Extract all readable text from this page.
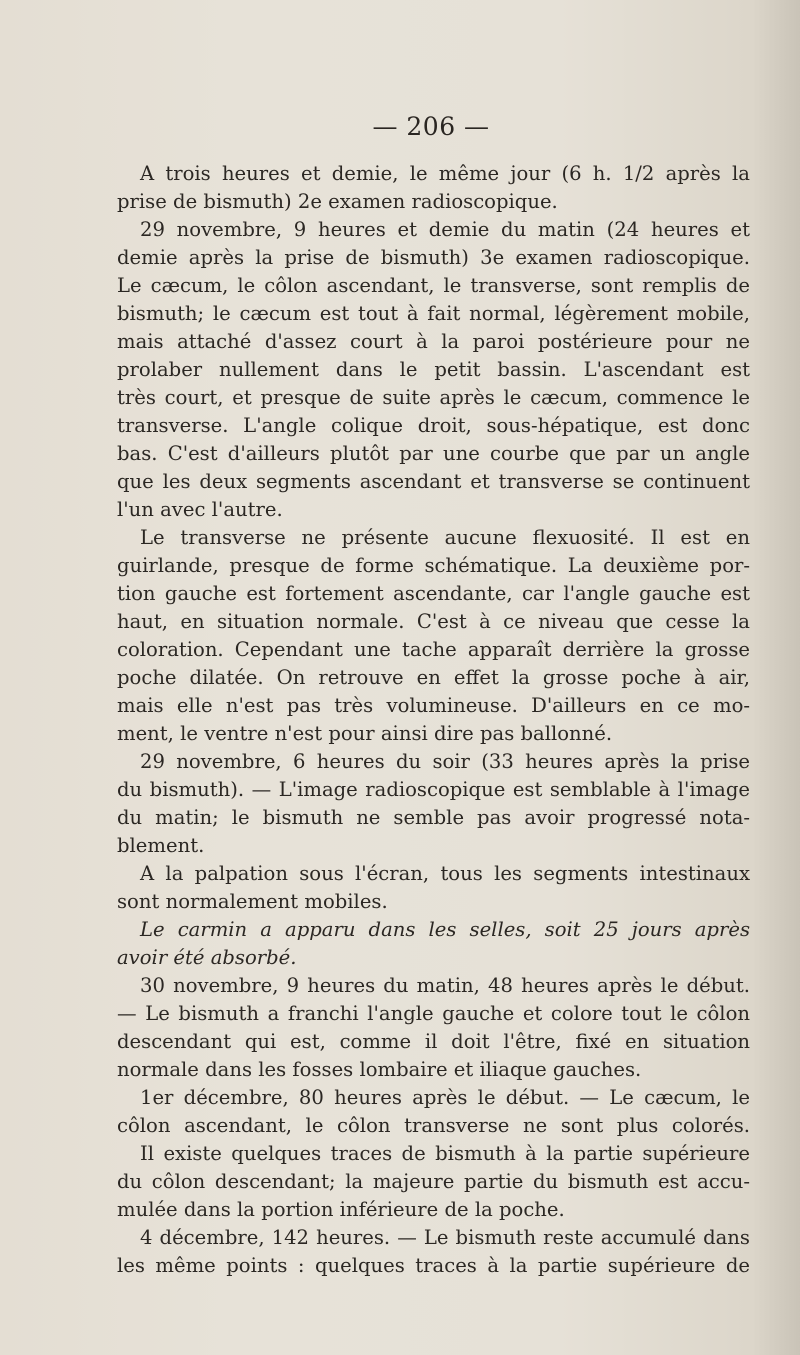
— 206 —
A trois heures et demie, le même jour (6 h. 1/2 après la
prise de bismuth) 2e examen radioscopique.
29 novembre, 9 heures et demie du matin (24 heures et
demie après la prise de bismuth) 3e examen radioscopique.
Le cæcum, le côlon ascendant, le transverse, sont remplis de
bismuth; le cæcum est tout à fait normal, légèrement mobile,
mais attaché d'assez court à la paroi postérieure pour ne
prolaber nullement dans le petit bassin. L'ascendant est
très court, et presque de suite après le cæcum, commence le
transverse. L'angle colique droit, sous-hépatique, est donc
bas. C'est d'ailleurs plutôt par une courbe que par un angle
que les deux segments ascendant et transverse se continuent
l'un avec l'autre.
Le transverse ne présente aucune flexuosité. Il est en
guirlande, presque de forme schématique. La deuxième por-
tion gauche est fortement ascendante, car l'angle gauche est
haut, en situation normale. C'est à ce niveau que cesse la
coloration. Cependant une tache apparaît derrière la grosse
poche dilatée. On retrouve en effet la grosse poche à air,
mais elle n'est pas très volumineuse. D'ailleurs en ce mo-
ment, le ventre n'est pour ainsi dire pas ballonné.
29 novembre, 6 heures du soir (33 heures après la prise
du bismuth). — L'image radioscopique est semblable à l'image
du matin; le bismuth ne semble pas avoir progressé nota-
blement.
A la palpation sous l'écran, tous les segments intestinaux
sont normalement mobiles.
Le carmin a apparu dans les selles, soit 25 jours après
avoir été absorbé.
30 novembre, 9 heures du matin, 48 heures après le début.
— Le bismuth a franchi l'angle gauche et colore tout le côlon
descendant qui est, comme il doit l'être, fixé en situation
normale dans les fosses lombaire et iliaque gauches.
1er décembre, 80 heures après le début. — Le cæcum, le
côlon ascendant, le côlon transverse ne sont plus colorés.
Il existe quelques traces de bismuth à la partie supérieure
du côlon descendant; la majeure partie du bismuth est accu-
mulée dans la portion inférieure de la poche.
4 décembre, 142 heures. — Le bismuth reste accumulé dans
les même points : quelques traces à la partie supérieure de
